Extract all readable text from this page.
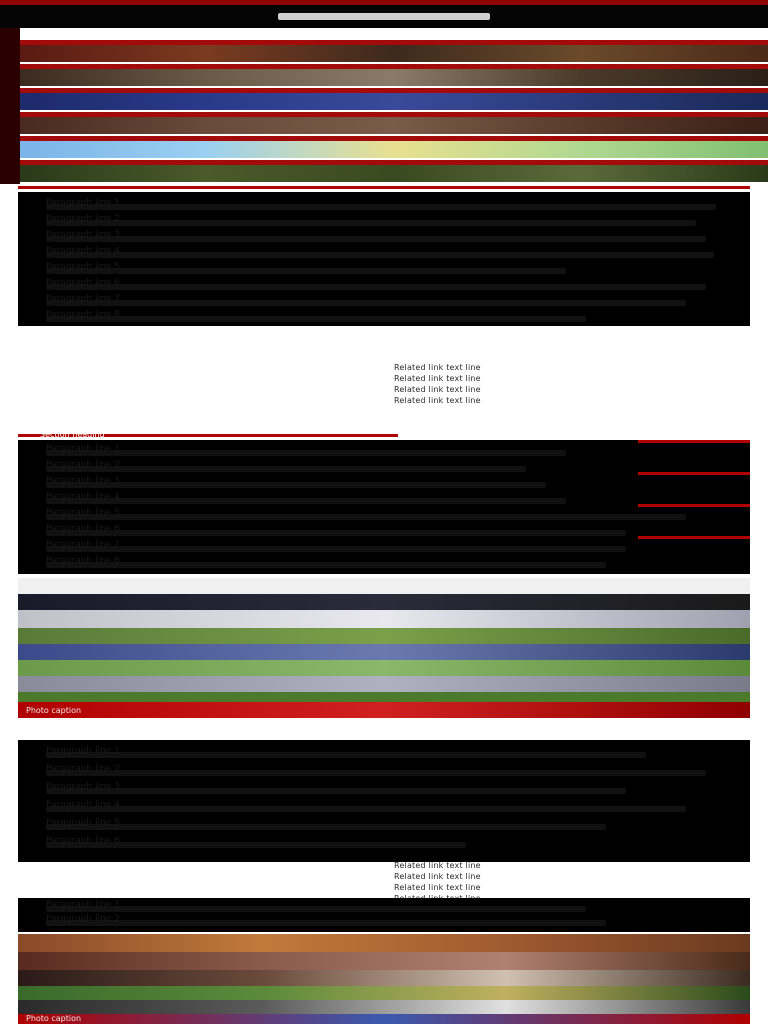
Photo gallery
Paragraph line 1
Paragraph line 2
Paragraph line 3
Paragraph line 4
Paragraph line 5
Paragraph line 6
Paragraph line 7
Paragraph line 8
Related link text line
Related link text line
Related link text line
Related link text line
Section heading
Paragraph line 1
Paragraph line 2
Paragraph line 3
Paragraph line 4
Paragraph line 5
Paragraph line 6
Paragraph line 7
Paragraph line 8
Photo caption
Paragraph line 1
Paragraph line 2
Paragraph line 3
Paragraph line 4
Paragraph line 5
Paragraph line 6
Related link text line
Related link text line
Related link text line
Paragraph line 1
Paragraph line 2
Photo caption
